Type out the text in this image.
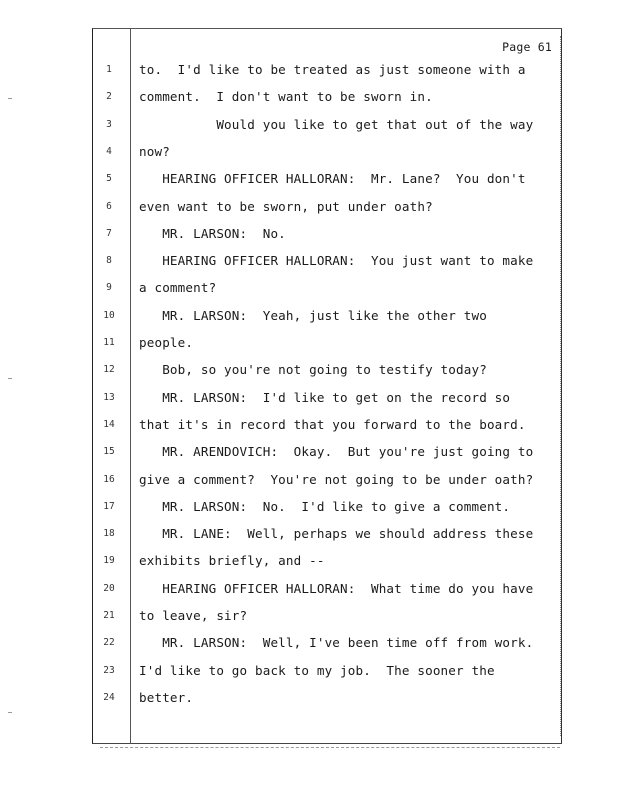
Page 61
1	to.  I'd like to be treated as just someone with a
2	comment.  I don't want to be sworn in.
3	Would you like to get that out of the way
4	now?
5	HEARING OFFICER HALLORAN:  Mr. Lane?  You don't
6	even want to be sworn, put under oath?
7	MR. LARSON:  No.
8	HEARING OFFICER HALLORAN:  You just want to make
9	a comment?
10	MR. LARSON:  Yeah, just like the other two
11	people.
12	Bob, so you're not going to testify today?
13	MR. LARSON:  I'd like to get on the record so
14	that it's in record that you forward to the board.
15	MR. ARENDOVICH:  Okay.  But you're just going to
16	give a comment?  You're not going to be under oath?
17	MR. LARSON:  No.  I'd like to give a comment.
18	MR. LANE:  Well, perhaps we should address these
19	exhibits briefly, and --
20	HEARING OFFICER HALLORAN:  What time do you have
21	to leave, sir?
22	MR. LARSON:  Well, I've been time off from work.
23	I'd like to go back to my job.  The sooner the
24	better.
